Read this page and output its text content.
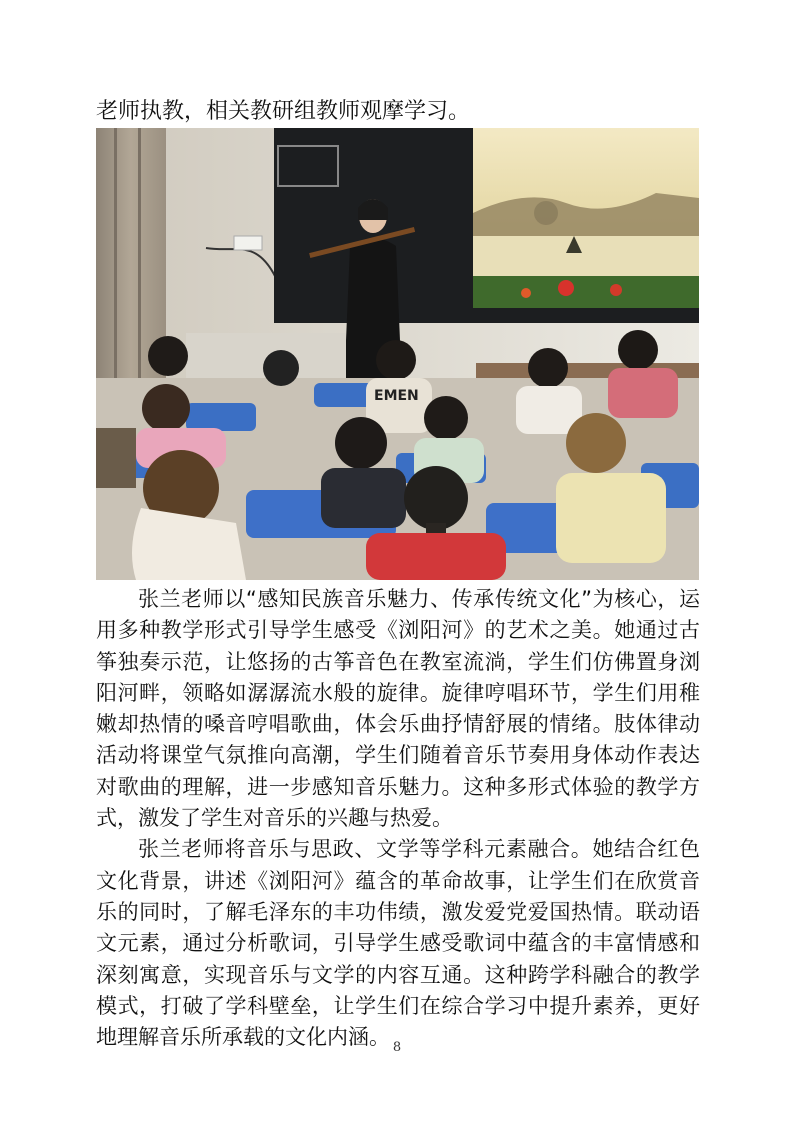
老师执教，相关教研组教师观摩学习。

EMEN

张兰老师以“感知民族音乐魅力、传承传统文化”为核心，运用多种教学形式引导学生感受《浏阳河》的艺术之美。她通过古筝独奏示范，让悠扬的古筝音色在教室流淌，学生们仿佛置身浏阳河畔，领略如潺潺流水般的旋律。旋律哼唱环节，学生们用稚嫩却热情的嗓音哼唱歌曲，体会乐曲抒情舒展的情绪。肢体律动活动将课堂气氛推向高潮，学生们随着音乐节奏用身体动作表达对歌曲的理解，进一步感知音乐魅力。这种多形式体验的教学方式，激发了学生对音乐的兴趣与热爱。

张兰老师将音乐与思政、文学等学科元素融合。她结合红色文化背景，讲述《浏阳河》蕴含的革命故事，让学生们在欣赏音乐的同时，了解毛泽东的丰功伟绩，激发爱党爱国热情。联动语文元素，通过分析歌词，引导学生感受歌词中蕴含的丰富情感和深刻寓意，实现音乐与文学的内容互通。这种跨学科融合的教学模式，打破了学科壁垒，让学生们在综合学习中提升素养，更好地理解音乐所承载的文化内涵。 8
